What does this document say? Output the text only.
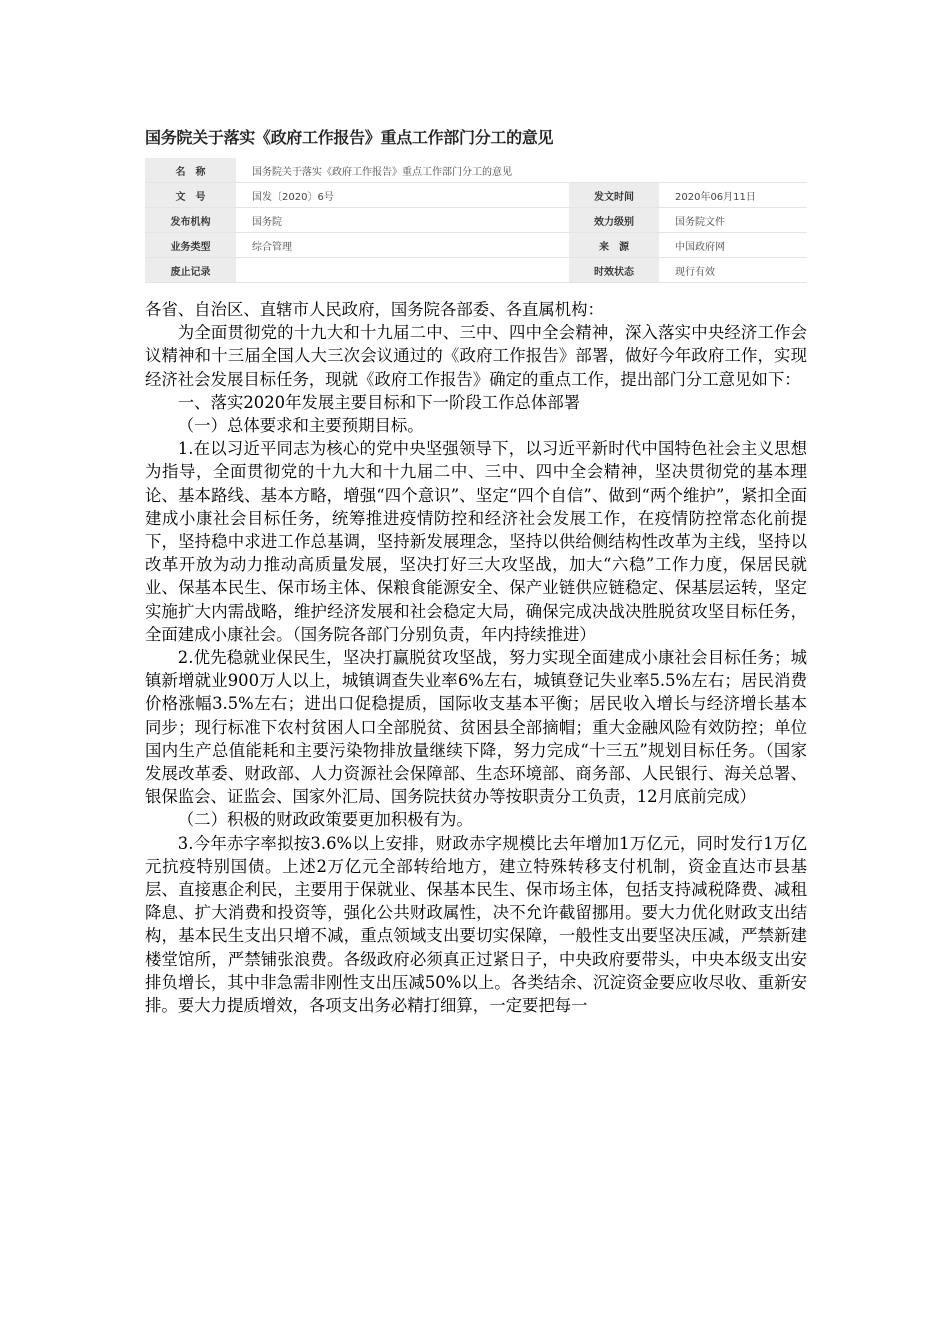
国务院关于落实《政府工作报告》重点工作部门分工的意见
名　称	国务院关于落实《政府工作报告》重点工作部门分工的意见		
文　号	国发〔2020〕6号	发文时间	2020年06月11日
发布机构	国务院	效力级别	国务院文件
业务类型	综合管理	来　源	中国政府网
废止记录		时效状态	现行有效

各省、自治区、直辖市人民政府，国务院各部委、各直属机构：

为全面贯彻党的十九大和十九届二中、三中、四中全会精神，深入落实中央经济工作会议精神和十三届全国人大三次会议通过的《政府工作报告》部署，做好今年政府工作，实现经济社会发展目标任务，现就《政府工作报告》确定的重点工作，提出部门分工意见如下：

一、落实2020年发展主要目标和下一阶段工作总体部署

（一）总体要求和主要预期目标。

1.在以习近平同志为核心的党中央坚强领导下，以习近平新时代中国特色社会主义思想为指导，全面贯彻党的十九大和十九届二中、三中、四中全会精神，坚决贯彻党的基本理论、基本路线、基本方略，增强“四个意识”、坚定“四个自信”、做到“两个维护”，紧扣全面建成小康社会目标任务，统筹推进疫情防控和经济社会发展工作，在疫情防控常态化前提下，坚持稳中求进工作总基调，坚持新发展理念，坚持以供给侧结构性改革为主线，坚持以改革开放为动力推动高质量发展，坚决打好三大攻坚战，加大“六稳”工作力度，保居民就业、保基本民生、保市场主体、保粮食能源安全、保产业链供应链稳定、保基层运转，坚定实施扩大内需战略，维护经济发展和社会稳定大局，确保完成决战决胜脱贫攻坚目标任务，全面建成小康社会。（国务院各部门分别负责，年内持续推进）

2.优先稳就业保民生，坚决打赢脱贫攻坚战，努力实现全面建成小康社会目标任务；城镇新增就业900万人以上，城镇调查失业率6%左右，城镇登记失业率5.5%左右；居民消费价格涨幅3.5%左右；进出口促稳提质，国际收支基本平衡；居民收入增长与经济增长基本同步；现行标准下农村贫困人口全部脱贫、贫困县全部摘帽；重大金融风险有效防控；单位国内生产总值能耗和主要污染物排放量继续下降，努力完成“十三五”规划目标任务。（国家发展改革委、财政部、人力资源社会保障部、生态环境部、商务部、人民银行、海关总署、银保监会、证监会、国家外汇局、国务院扶贫办等按职责分工负责，12月底前完成）

（二）积极的财政政策要更加积极有为。

3.今年赤字率拟按3.6%以上安排，财政赤字规模比去年增加1万亿元，同时发行1万亿元抗疫特别国债。上述2万亿元全部转给地方，建立特殊转移支付机制，资金直达市县基层、直接惠企利民，主要用于保就业、保基本民生、保市场主体，包括支持减税降费、减租降息、扩大消费和投资等，强化公共财政属性，决不允许截留挪用。要大力优化财政支出结构，基本民生支出只增不减，重点领域支出要切实保障，一般性支出要坚决压减，严禁新建楼堂馆所，严禁铺张浪费。各级政府必须真正过紧日子，中央政府要带头，中央本级支出安排负增长，其中非急需非刚性支出压减50%以上。各类结余、沉淀资金要应收尽收、重新安排。要大力提质增效，各项支出务必精打细算，一定要把每一
